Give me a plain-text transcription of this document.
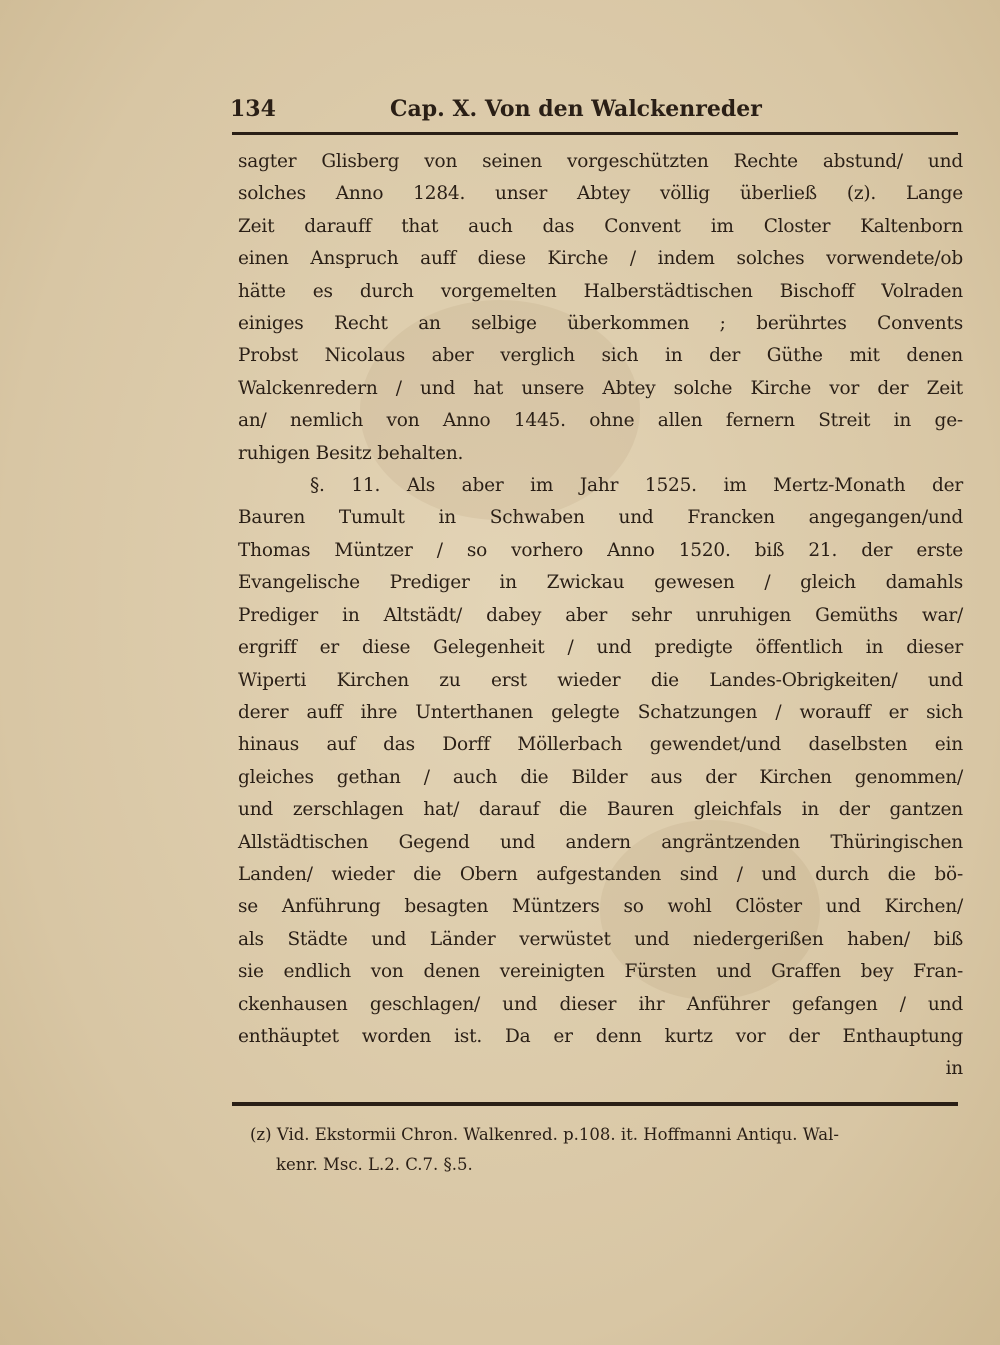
134	Cap. X. Von den Walckenreder
sagter Glisberg von seinen vorgeschützten Rechte abstund/ und
solches Anno 1284. unser Abtey völlig überließ (z). Lange
Zeit darauff that auch das Convent im Closter Kaltenborn
einen Anspruch auff diese Kirche / indem solches vorwendete/ob
hätte es durch vorgemelten Halberstädtischen Bischoff Volraden
einiges Recht an selbige überkommen ; berührtes Convents
Probst Nicolaus aber verglich sich in der Güthe mit denen
Walckenredern / und hat unsere Abtey solche Kirche vor der Zeit
an/ nemlich von Anno 1445. ohne allen fernern Streit in ge-
ruhigen Besitz behalten.
§. 11. Als aber im Jahr 1525. im Mertz-Monath der
Bauren Tumult in Schwaben und Francken angegangen/und
Thomas Müntzer / so vorhero Anno 1520. biß 21. der erste
Evangelische Prediger in Zwickau gewesen / gleich damahls
Prediger in Altstädt/ dabey aber sehr unruhigen Gemüths war/
ergriff er diese Gelegenheit / und predigte öffentlich in dieser
Wiperti Kirchen zu erst wieder die Landes-Obrigkeiten/ und
derer auff ihre Unterthanen gelegte Schatzungen / worauff er sich
hinaus auf das Dorff Möllerbach gewendet/und daselbsten ein
gleiches gethan / auch die Bilder aus der Kirchen genommen/
und zerschlagen hat/ darauf die Bauren gleichfals in der gantzen
Allstädtischen Gegend und andern angräntzenden Thüringischen
Landen/ wieder die Obern aufgestanden sind / und durch die bö-
se Anführung besagten Müntzers so wohl Clöster und Kirchen/
als Städte und Länder verwüstet und niedergerißen haben/ biß
sie endlich von denen vereinigten Fürsten und Graffen bey Fran-
ckenhausen geschlagen/ und dieser ihr Anführer gefangen / und
enthäuptet worden ist. Da er denn kurtz vor der Enthauptung
in
(z) Vid. Ekstormii Chron. Walkenred. p.108. it. Hoffmanni Antiqu. Wal-
kenr. Msc. L.2. C.7. §.5.
